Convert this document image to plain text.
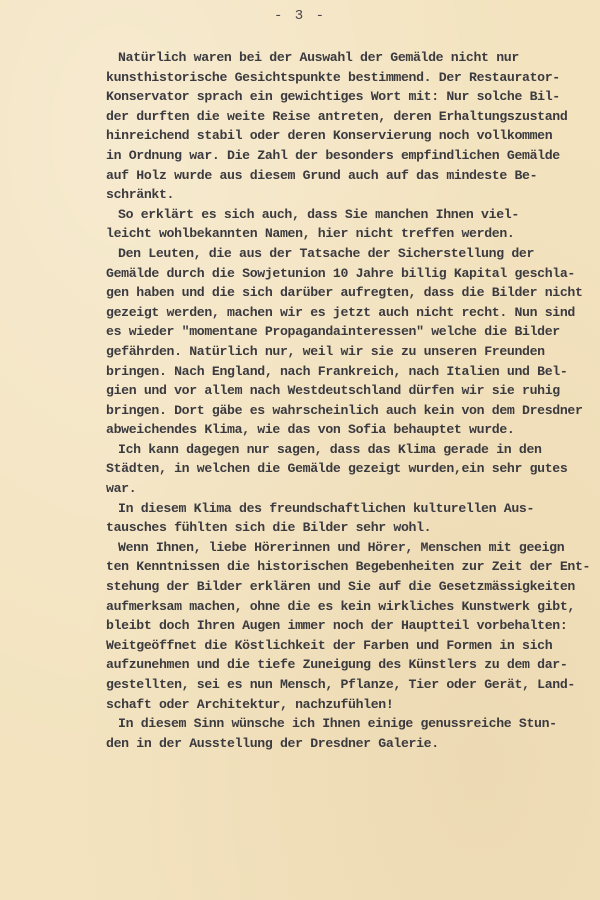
- 3 -
Natürlich waren bei der Auswahl der Gemälde nicht nur
kunsthistorische Gesichtspunkte bestimmend. Der Restaurator-
Konservator sprach ein gewichtiges Wort mit: Nur solche Bil-
der durften die weite Reise antreten, deren Erhaltungszustand
hinreichend stabil oder deren Konservierung noch vollkommen
in Ordnung war. Die Zahl der besonders empfindlichen Gemälde
auf Holz wurde aus diesem Grund auch auf das mindeste Be-
schränkt.
So erklärt es sich auch, dass Sie manchen Ihnen viel-
leicht wohlbekannten Namen, hier nicht treffen werden.
Den Leuten, die aus der Tatsache der Sicherstellung der
Gemälde durch die Sowjetunion 10 Jahre billig Kapital geschla-
gen haben und die sich darüber aufregten, dass die Bilder nicht
gezeigt werden, machen wir es jetzt auch nicht recht. Nun sind
es wieder "momentane Propagandainteressen" welche die Bilder
gefährden. Natürlich nur, weil wir sie zu unseren Freunden
bringen. Nach England, nach Frankreich, nach Italien und Bel-
gien und vor allem nach Westdeutschland dürfen wir sie ruhig
bringen. Dort gäbe es wahrscheinlich auch kein von dem Dresdner
abweichendes Klima, wie das von Sofia behauptet wurde.
Ich kann dagegen nur sagen, dass das Klima gerade in den
Städten, in welchen die Gemälde gezeigt wurden,ein sehr gutes
war.
In diesem Klima des freundschaftlichen kulturellen Aus-
tausches fühlten sich die Bilder sehr wohl.
Wenn Ihnen, liebe Hörerinnen und Hörer, Menschen mit geeign
ten Kenntnissen die historischen Begebenheiten zur Zeit der Ent-
stehung der Bilder erklären und Sie auf die Gesetzmässigkeiten
aufmerksam machen, ohne die es kein wirkliches Kunstwerk gibt,
bleibt doch Ihren Augen immer noch der Hauptteil vorbehalten:
Weitgeöffnet die Köstlichkeit der Farben und Formen in sich
aufzunehmen und die tiefe Zuneigung des Künstlers zu dem dar-
gestellten, sei es nun Mensch, Pflanze, Tier oder Gerät, Land-
schaft oder Architektur, nachzufühlen!
In diesem Sinn wünsche ich Ihnen einige genussreiche Stun-
den in der Ausstellung der Dresdner Galerie.
